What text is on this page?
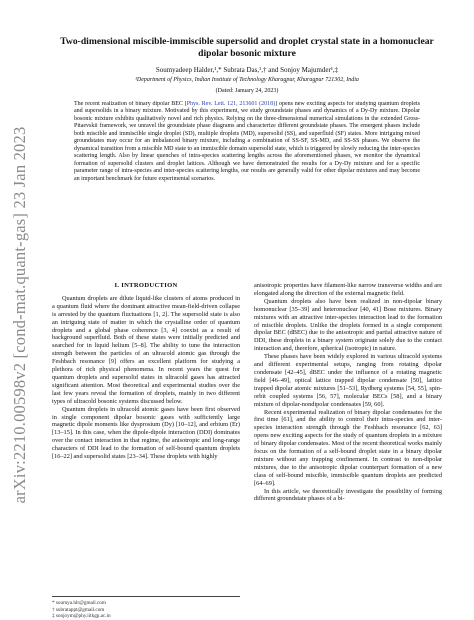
arXiv:2210.00598v2 [cond-mat.quant-gas] 23 Jan 2023
Two-dimensional miscible-immiscible supersolid and droplet crystal state in a homonuclear dipolar bosonic mixture
Soumyadeep Halder,¹,* Subrata Das,¹,† and Sonjoy Majumder¹,‡
¹Department of Physics, Indian Institute of Technology Kharagpur, Kharagpur 721302, India
(Dated: January 24, 2023)
The recent realization of binary dipolar BEC [Phys. Rev. Lett. 121, 213601 (2018)] opens new exciting aspects for studying quantum droplets and supersolids in a binary mixture. Motivated by this experiment, we study groundstate phases and dynamics of a Dy-Dy mixture. Dipolar bosonic mixture exhibits qualitatively novel and rich physics. Relying on the three-dimensional numerical simulations in the extended Gross-Pitaevskii framework, we unravel the groundstate phase diagrams and characterize different groundstate phases. The emergent phases include both miscible and immiscible single droplet (SD), multiple droplets (MD), supersolid (SS), and superfluid (SF) states. More intriguing mixed groundstates may occur for an imbalanced binary mixture, including a combination of SS-SF, SS-MD, and SS-SS phases. We observe the dynamical transition from a miscible MD state to an immiscible domain supersolid state, which is triggered by slowly reducing the inter-species scattering length. Also by linear quenches of intra-species scattering lengths across the aforementioned phases, we monitor the dynamical formation of supersolid clusters and droplet lattices. Although we have demonstrated the results for a Dy-Dy mixture and for a specific parameter range of intra-species and inter-species scattering lengths, our results are generally valid for other dipolar mixtures and may become an important benchmark for future experimental scenarios.
I. INTRODUCTION

Quantum droplets are dilute liquid-like clusters of atoms produced in a quantum fluid where the dominant attractive mean-field-driven collapse is arrested by the quantum fluctuations [1, 2]. The supersolid state is also an intriguing state of matter in which the crystalline order of quantum droplets and a global phase coherence [3, 4] coexist as a result of background superfluid. Both of these states were initially predicted and searched for in liquid helium [5–8]. The ability to tune the interaction strength between the particles of an ultracold atomic gas through the Feshbach resonance [9] offers an excellent platform for studying a plethora of rich physical phenomena. In recent years the quest for quantum droplets and supersolid states in ultracold gases has attracted significant attention. Most theoretical and experimental studies over the last few years reveal the formation of droplets, mainly in two different types of ultracold bosonic systems discussed below.

Quantum droplets in ultracold atomic gases have been first observed in single component dipolar bosonic gases with sufficiently large magnetic dipole moments like dysprosium (Dy) [10–12], and erbium (Er) [13–15]. In this case, when the dipole-dipole interaction (DDI) dominates over the contact interaction in that regime, the anisotropic and long-range characters of DDI lead to the formation of self-bound quantum droplets [16–22] and supersolid states [23–34]. These droplets with highly

* soumya.hlr@gmail.com
† subratappt@gmail.com
‡ sonjoym@phy.iitkgp.ac.in

anisotropic properties have filament-like narrow transverse widths and are elongated along the direction of the external magnetic field.

Quantum droplets also have been realized in non-dipolar binary homonuclear [35–39] and heteronuclear [40, 41] Bose mixtures. Binary mixtures with an attractive inter-species interaction lead to the formation of miscible droplets. Unlike the droplets formed in a single component dipolar BEC (dBEC) due to the anisotropic and partial attractive nature of DDI, these droplets in a binary system originate solely due to the contact interaction and, therefore, spherical (isotropic) in nature.

These phases have been widely explored in various ultracold systems and different experimental setups, ranging from rotating dipolar condensate [42–45], dBEC under the influence of a rotating magnetic field [46–49], optical lattice trapped dipolar condensate [50], lattice trapped dipolar atomic mixtures [51–53], Rydberg systems [54, 55], spin-orbit coupled systems [56, 57], molecular BECs [58], and a binary mixture of dipolar-nondipolar condensates [59, 60].

Recent experimental realization of binary dipolar condensates for the first time [61], and the ability to control their intra-species and inter-species interaction strength through the Feshbach resonance [62, 63] opens new exciting aspects for the study of quantum droplets in a mixture of binary dipolar condensates. Most of the recent theoretical works mainly focus on the formation of a self-bound droplet state in a binary dipolar mixture without any trapping confinement. In contrast to non-dipolar mixtures, due to the anisotropic dipolar counterpart formation of a new class of self-bound miscible, immiscible quantum droplets are predicted [64–69].

In this article, we theoretically investigate the possibility of forming different groundstate phases of a bi-
